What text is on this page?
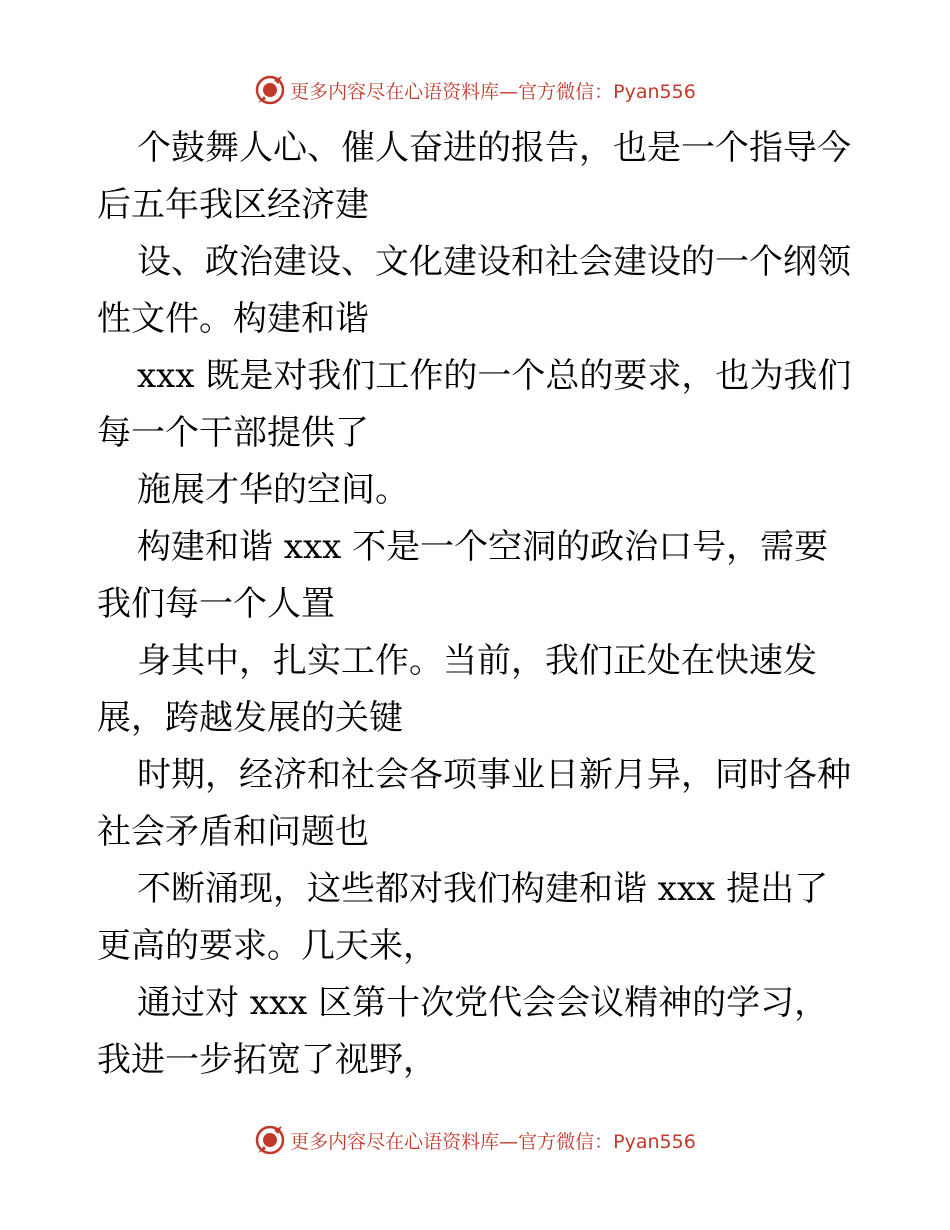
更多内容尽在心语资料库—官方微信：Pyan556
个鼓舞人心、催人奋进的报告，也是一个指导今
后五年我区经济建
设、政治建设、文化建设和社会建设的一个纲领
性文件。构建和谐
xxx 既是对我们工作的一个总的要求，也为我们
每一个干部提供了
施展才华的空间。
构建和谐 xxx 不是一个空洞的政治口号，需要
我们每一个人置
身其中，扎实工作。当前，我们正处在快速发
展，跨越发展的关键
时期，经济和社会各项事业日新月异，同时各种
社会矛盾和问题也
不断涌现，这些都对我们构建和谐 xxx 提出了
更高的要求。几天来，
通过对 xxx 区第十次党代会会议精神的学习，
我进一步拓宽了视野，
更多内容尽在心语资料库—官方微信：Pyan556
